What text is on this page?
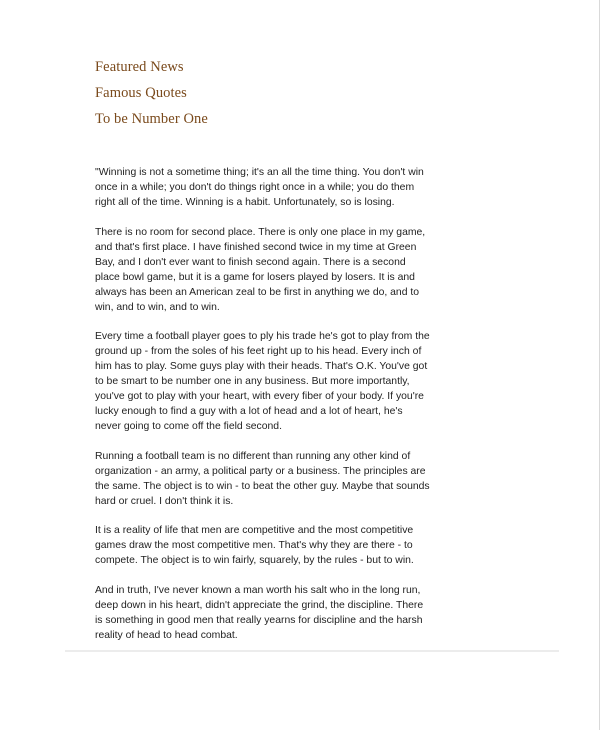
Featured News
Famous Quotes
To be Number One

"Winning is not a sometime thing; it's an all the time thing. You don't win once in a while; you don't do things right once in a while; you do them right all of the time. Winning is a habit. Unfortunately, so is losing.

There is no room for second place. There is only one place in my game, and that's first place. I have finished second twice in my time at Green Bay, and I don't ever want to finish second again. There is a second place bowl game, but it is a game for losers played by losers. It is and always has been an American zeal to be first in anything we do, and to win, and to win, and to win.

Every time a football player goes to ply his trade he's got to play from the ground up - from the soles of his feet right up to his head. Every inch of him has to play. Some guys play with their heads. That's O.K. You've got to be smart to be number one in any business. But more importantly, you've got to play with your heart, with every fiber of your body. If you're lucky enough to find a guy with a lot of head and a lot of heart, he's never going to come off the field second.

Running a football team is no different than running any other kind of organization - an army, a political party or a business. The principles are the same. The object is to win - to beat the other guy. Maybe that sounds hard or cruel. I don't think it is.

It is a reality of life that men are competitive and the most competitive games draw the most competitive men. That's why they are there - to compete. The object is to win fairly, squarely, by the rules - but to win.

And in truth, I've never known a man worth his salt who in the long run, deep down in his heart, didn't appreciate the grind, the discipline. There is something in good men that really yearns for discipline and the harsh reality of head to head combat.
